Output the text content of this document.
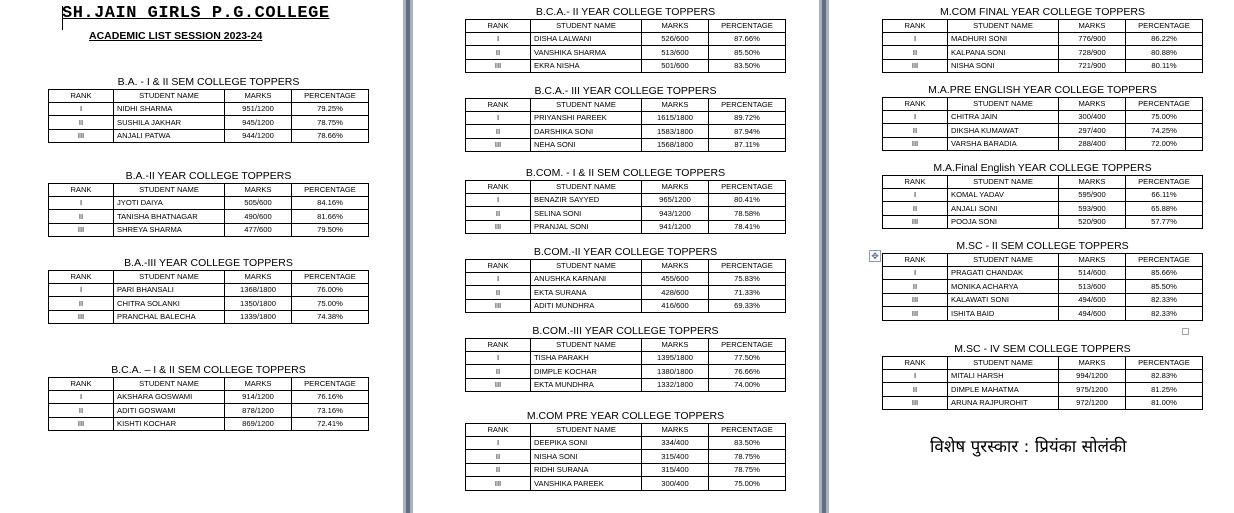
SH.JAIN GIRLS P.G.COLLEGE
ACADEMIC LIST SESSION 2023-24
B.A. - I & II SEM COLLEGE TOPPERS
RANK	STUDENT NAME	MARKS	PERCENTAGE
I	NIDHI SHARMA	951/1200	79.25%
II	SUSHILA JAKHAR	945/1200	78.75%
III	ANJALI PATWA	944/1200	78.66%
B.A.-II YEAR COLLEGE TOPPERS
RANK	STUDENT NAME	MARKS	PERCENTAGE
I	JYOTI DAIYA	505/600	84.16%
II	TANISHA BHATNAGAR	490/600	81.66%
III	SHREYA SHARMA	477/600	79.50%
B.A.-III YEAR COLLEGE TOPPERS
RANK	STUDENT NAME	MARKS	PERCENTAGE
I	PARI BHANSALI	1368/1800	76.00%
II	CHITRA SOLANKI	1350/1800	75.00%
III	PRANCHAL BALECHA	1339/1800	74.38%
B.C.A. – I & II SEM COLLEGE TOPPERS
RANK	STUDENT NAME	MARKS	PERCENTAGE
I	AKSHARA GOSWAMI	914/1200	76.16%
II	ADITI GOSWAMI	878/1200	73.16%
III	KISHTI KOCHAR	869/1200	72.41%
B.C.A.- II YEAR COLLEGE TOPPERS
RANK	STUDENT NAME	MARKS	PERCENTAGE
I	DISHA LALWANI	526/600	87.66%
II	VANSHIKA SHARMA	513/600	85.50%
III	EKRA NISHA	501/600	83.50%
B.C.A.- III YEAR COLLEGE TOPPERS
RANK	STUDENT NAME	MARKS	PERCENTAGE
I	PRIYANSHI PAREEK	1615/1800	89.72%
II	DARSHIKA SONI	1583/1800	87.94%
III	NEHA SONI	1568/1800	87.11%
B.COM. - I & II SEM COLLEGE TOPPERS
RANK	STUDENT NAME	MARKS	PERCENTAGE
I	BENAZIR SAYYED	965/1200	80.41%
II	SELINA SONI	943/1200	78.58%
III	PRANJAL SONI	941/1200	78.41%
B.COM.-II YEAR COLLEGE TOPPERS
RANK	STUDENT NAME	MARKS	PERCENTAGE
I	ANUSHKA KARNANI	455/600	75.83%
II	EKTA SURANA	428/600	71.33%
III	ADITI MUNDHRA	416/600	69.33%
B.COM.-III YEAR COLLEGE TOPPERS
RANK	STUDENT NAME	MARKS	PERCENTAGE
I	TISHA PARAKH	1395/1800	77.50%
II	DIMPLE KOCHAR	1380/1800	76.66%
III	EKTA MUNDHRA	1332/1800	74.00%
M.COM PRE YEAR COLLEGE TOPPERS
RANK	STUDENT NAME	MARKS	PERCENTAGE
I	DEEPIKA SONI	334/400	83.50%
II	NISHA SONI	315/400	78.75%
II	RIDHI SURANA	315/400	78.75%
III	VANSHIKA PAREEK	300/400	75.00%
M.COM FINAL YEAR COLLEGE TOPPERS
RANK	STUDENT NAME	MARKS	PERCENTAGE
I	MADHURI SONI	776/900	86.22%
II	KALPANA SONI	728/900	80.88%
III	NISHA SONI	721/900	80.11%
M.A.PRE ENGLISH YEAR COLLEGE TOPPERS
RANK	STUDENT NAME	MARKS	PERCENTAGE
I	CHITRA JAIN	300/400	75.00%
II	DIKSHA KUMAWAT	297/400	74.25%
III	VARSHA BARADIA	288/400	72.00%
M.A.Final English YEAR COLLEGE TOPPERS
RANK	STUDENT NAME	MARKS	PERCENTAGE
I	KOMAL YADAV	595/900	66.11%
II	ANJALI SONI	593/900	65.88%
III	POOJA SONI	520/900	57.77%
M.SC - II SEM COLLEGE TOPPERS
RANK	STUDENT NAME	MARKS	PERCENTAGE
I	PRAGATI CHANDAK	514/600	85.66%
II	MONIKA ACHARYA	513/600	85.50%
III	KALAWATI SONI	494/600	82.33%
III	ISHITA BAID	494/600	82.33%
M.SC - IV SEM COLLEGE TOPPERS
RANK	STUDENT NAME	MARKS	PERCENTAGE
I	MITALI HARSH	994/1200	82.83%
II	DIMPLE MAHATMA	975/1200	81.25%
III	ARUNA RAJPUROHIT	972/1200	81.00%
✥
विशेष पुरस्कार : प्रियंका सोलंकी
